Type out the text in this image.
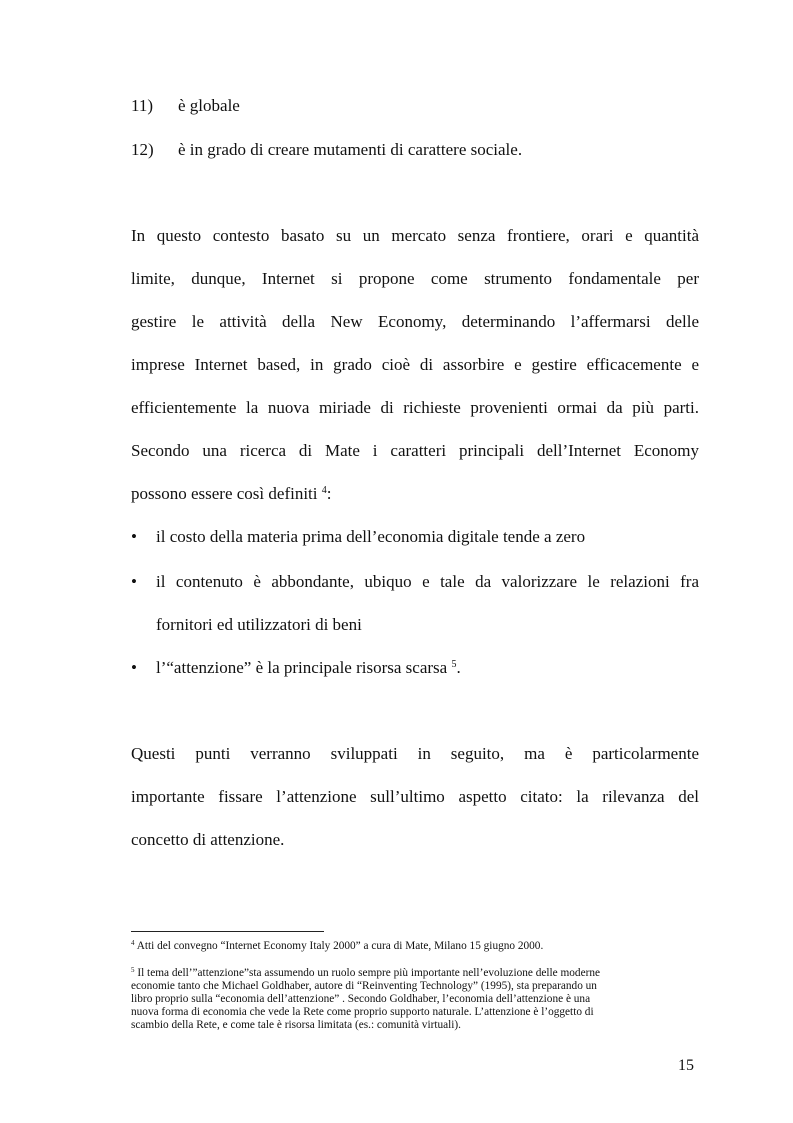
11) è globale
12) è in grado di creare mutamenti di carattere sociale.
In questo contesto basato su un mercato senza frontiere, orari e quantità
limite, dunque, Internet si propone come strumento fondamentale per
gestire le attività della New Economy, determinando l’affermarsi delle
imprese Internet based, in grado cioè di assorbire e gestire efficacemente e
efficientemente la nuova miriade di richieste provenienti ormai da più parti.
Secondo una ricerca di Mate i caratteri principali dell’Internet Economy
possono essere così definiti $^4$:
• il costo della materia prima dell’economia digitale tende a zero
• il contenuto è abbondante, ubiquo e tale da valorizzare le relazioni fra
fornitori ed utilizzatori di beni
• l’“attenzione” è la principale risorsa scarsa $^5$.
Questi punti verranno sviluppati in seguito, ma è particolarmente
importante fissare l’attenzione sull’ultimo aspetto citato: la rilevanza del
concetto di attenzione.
$^4$ Atti del convegno “Internet Economy Italy 2000” a cura di Mate, Milano 15 giugno 2000.
$^5$ Il tema dell’”attenzione”sta assumendo un ruolo sempre più importante nell’evoluzione delle moderne
economie tanto che Michael Goldhaber, autore di “Reinventing Technology” (1995), sta preparando un
libro proprio sulla “economia dell’attenzione” . Secondo Goldhaber, l’economia dell’attenzione è una
nuova forma di economia che vede la Rete come proprio supporto naturale. L’attenzione è l’oggetto di
scambio della Rete, e come tale è risorsa limitata (es.: comunità virtuali).
15
